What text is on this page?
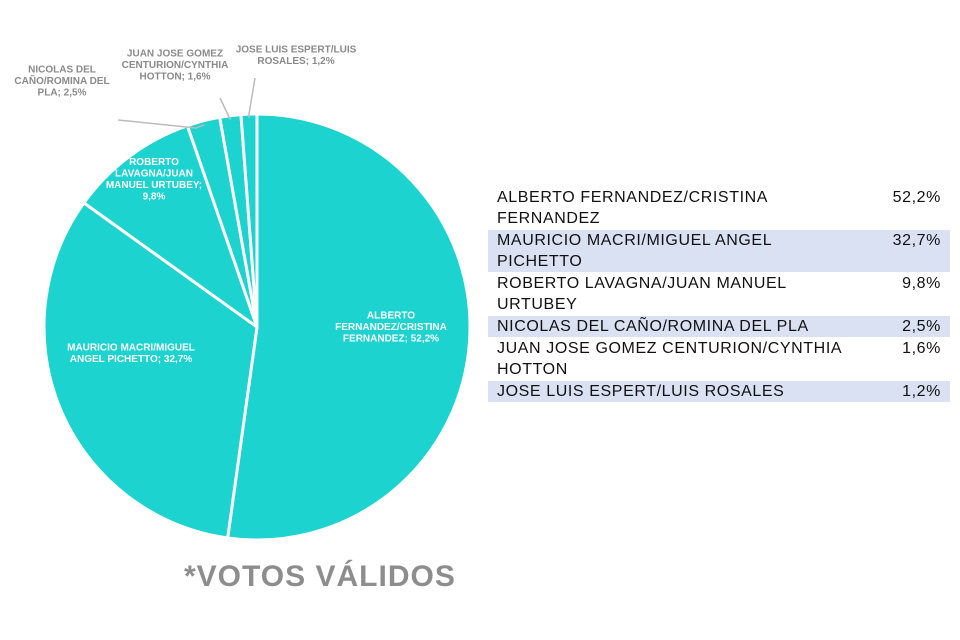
ALBERTO FERNANDEZ/CRISTINA FERNANDEZ; 52,2%
MAURICIO MACRI/MIGUEL ANGEL PICHETTO; 32,7%
ROBERTO LAVAGNA/JUAN MANUEL URTUBEY; 9,8%
NICOLAS DEL CAÑO/ROMINA DEL PLA; 2,5%
JUAN JOSE GOMEZ CENTURION/CYNTHIA HOTTON; 1,6%
JOSE LUIS ESPERT/LUIS ROSALES; 1,2%
ALBERTO FERNANDEZ/CRISTINA FERNANDEZ	52,2%
MAURICIO MACRI/MIGUEL ANGEL PICHETTO	32,7%
ROBERTO LAVAGNA/JUAN MANUEL URTUBEY	9,8%
NICOLAS DEL CAÑO/ROMINA DEL PLA	2,5%
JUAN JOSE GOMEZ CENTURION/CYNTHIA HOTTON	1,6%
JOSE LUIS ESPERT/LUIS ROSALES	1,2%
*VOTOS VÁLIDOS
